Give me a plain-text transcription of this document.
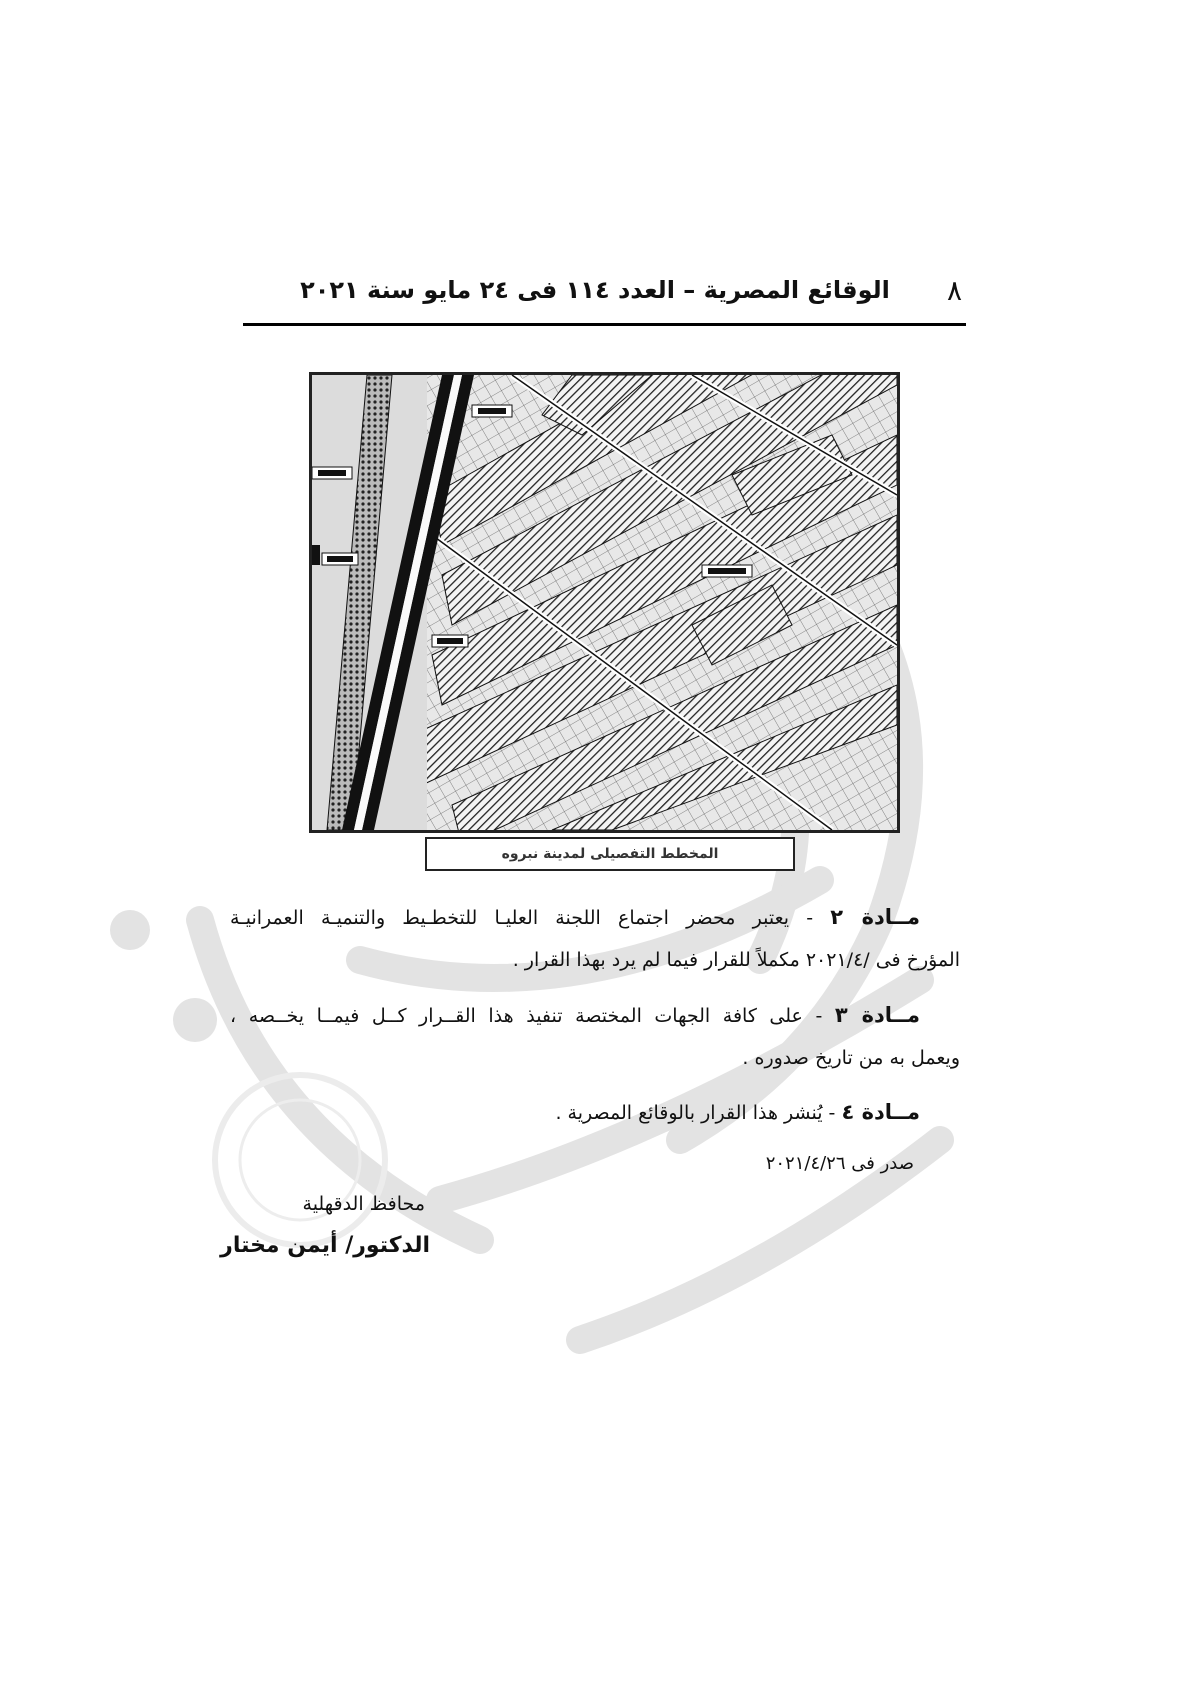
٨
الوقائع المصرية – العدد ١١٤ فى ٢٤ مايو سنة ٢٠٢١
المخطط التفصيلى لمدينة نبروه
مــادة ٢ - يعتبر محضر اجتماع اللجنة العليـا للتخطـيط والتنميـة العمرانيـة
المؤرخ فى /٢٠٢١/٤ مكملاً للقرار فيما لم يرد بهذا القرار .
مــادة ٣ - على كافة الجهات المختصة تنفيذ هذا القــرار كــل فيمــا يخــصه ،
ويعمل به من تاريخ صدوره .
مــادة ٤ - يُنشر هذا القرار بالوقائع المصرية .
صدر فى ٢٠٢١/٤/٢٦
محافظ الدقهلية
الدكتور/ أيمن مختار
